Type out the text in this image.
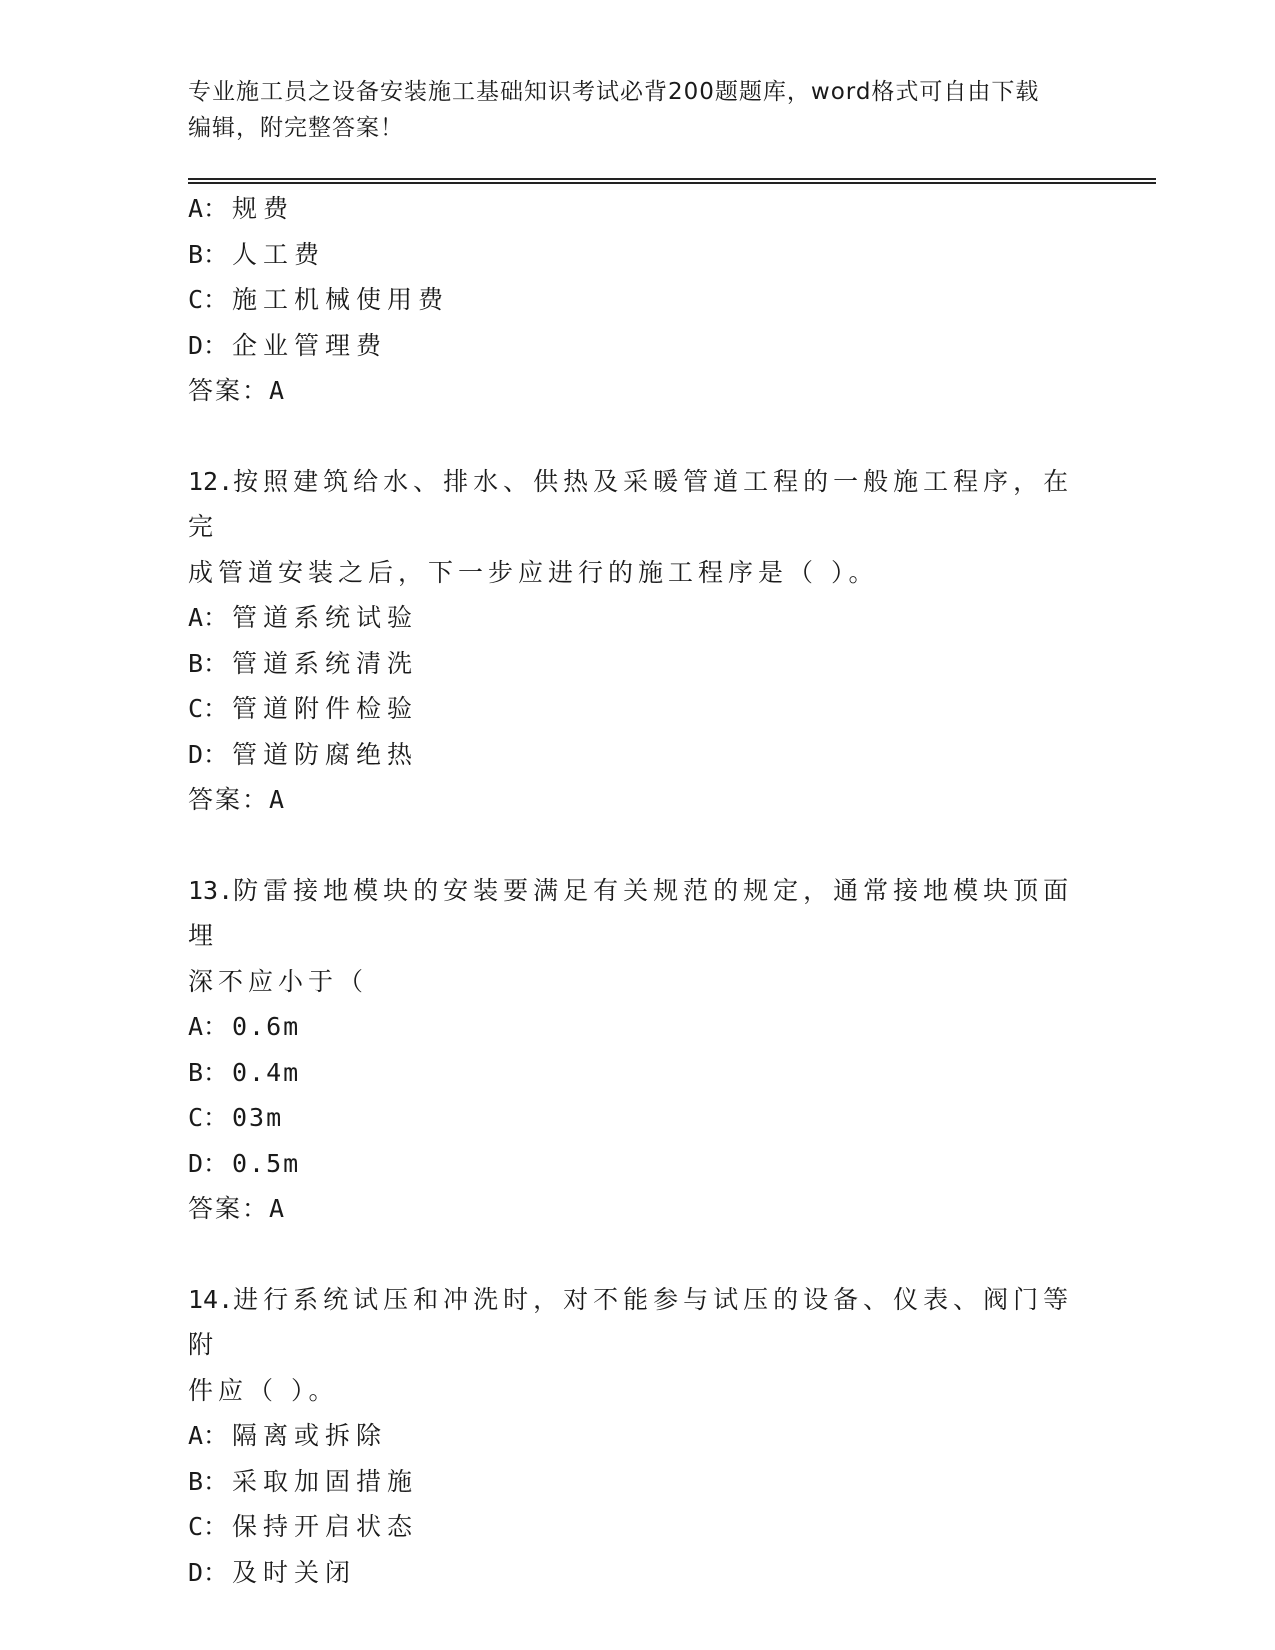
专业施工员之设备安装施工基础知识考试必背200题题库，word格式可自由下载
编辑，附完整答案！
A： 规费
B： 人工费
C： 施工机械使用费
D： 企业管理费
答案：A
12.按照建筑给水、排水、供热及采暖管道工程的一般施工程序，在完
成管道安装之后，下一步应进行的施工程序是（ ）。
A： 管道系统试验
B： 管道系统清洗
C： 管道附件检验
D： 管道防腐绝热
答案：A
13.防雷接地模块的安装要满足有关规范的规定，通常接地模块顶面埋
深不应小于（
A： 0.6m
B： 0.4m
C： 03m
D： 0.5m
答案：A
14.进行系统试压和冲洗时，对不能参与试压的设备、仪表、阀门等附
件应（ ）。
A： 隔离或拆除
B： 采取加固措施
C： 保持开启状态
D： 及时关闭
